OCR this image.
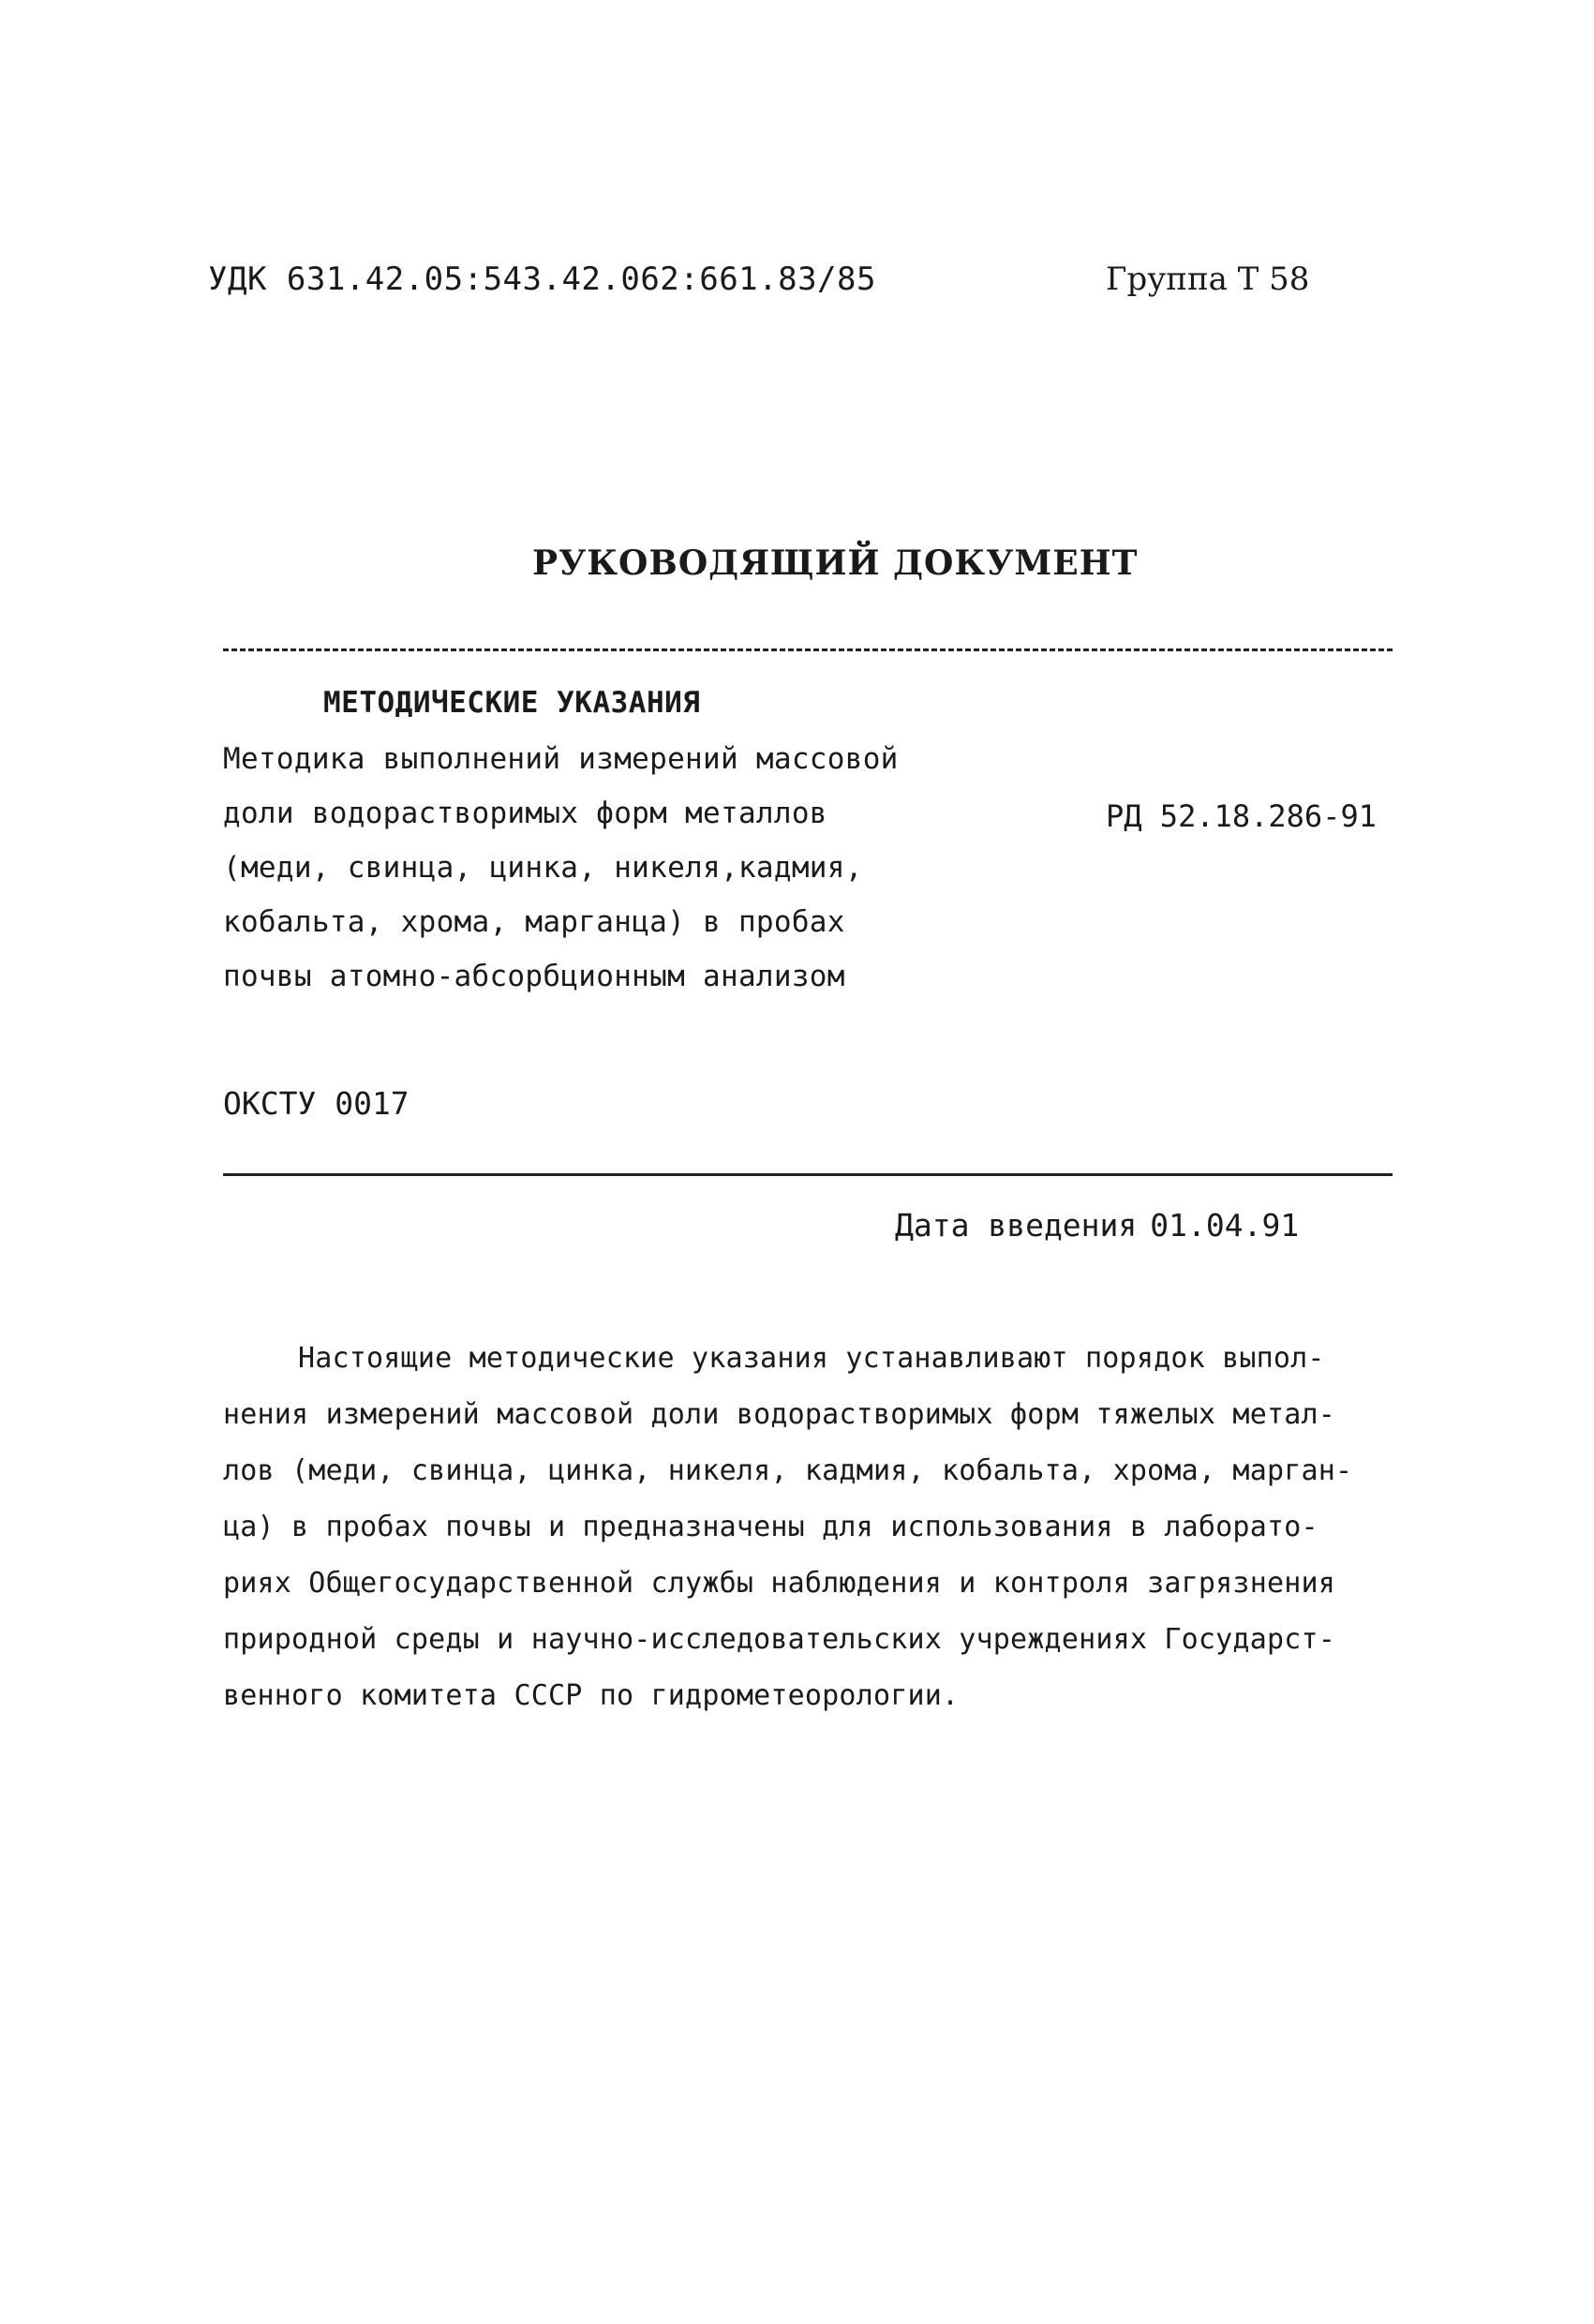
УДК 631.42.05:543.42.062:661.83/85	Группа Т 58
РУКОВОДЯЩИЙ ДОКУМЕНТ
МЕТОДИЧЕСКИЕ УКАЗАНИЯ
Методика выполнений измерений массовой
доли водорастворимых форм металлов
(меди, свинца, цинка, никеля,кадмия,
кобальта, хрома, марганца) в пробах
почвы атомно-абсорбционным анализом
РД 52.18.286-91
ОКСТУ 0017
Дата введения 01.04.91
Настоящие методические указания устанавливают порядок выпол-
нения измерений массовой доли водорастворимых форм тяжелых метал-
лов (меди, свинца, цинка, никеля, кадмия, кобальта, хрома, марган-
ца) в пробах почвы и предназначены для использования в лаборато-
риях Общегосударственной службы наблюдения и контроля загрязнения
природной среды и научно-исследовательских учреждениях Государст-
венного комитета СССР по гидрометеорологии.
